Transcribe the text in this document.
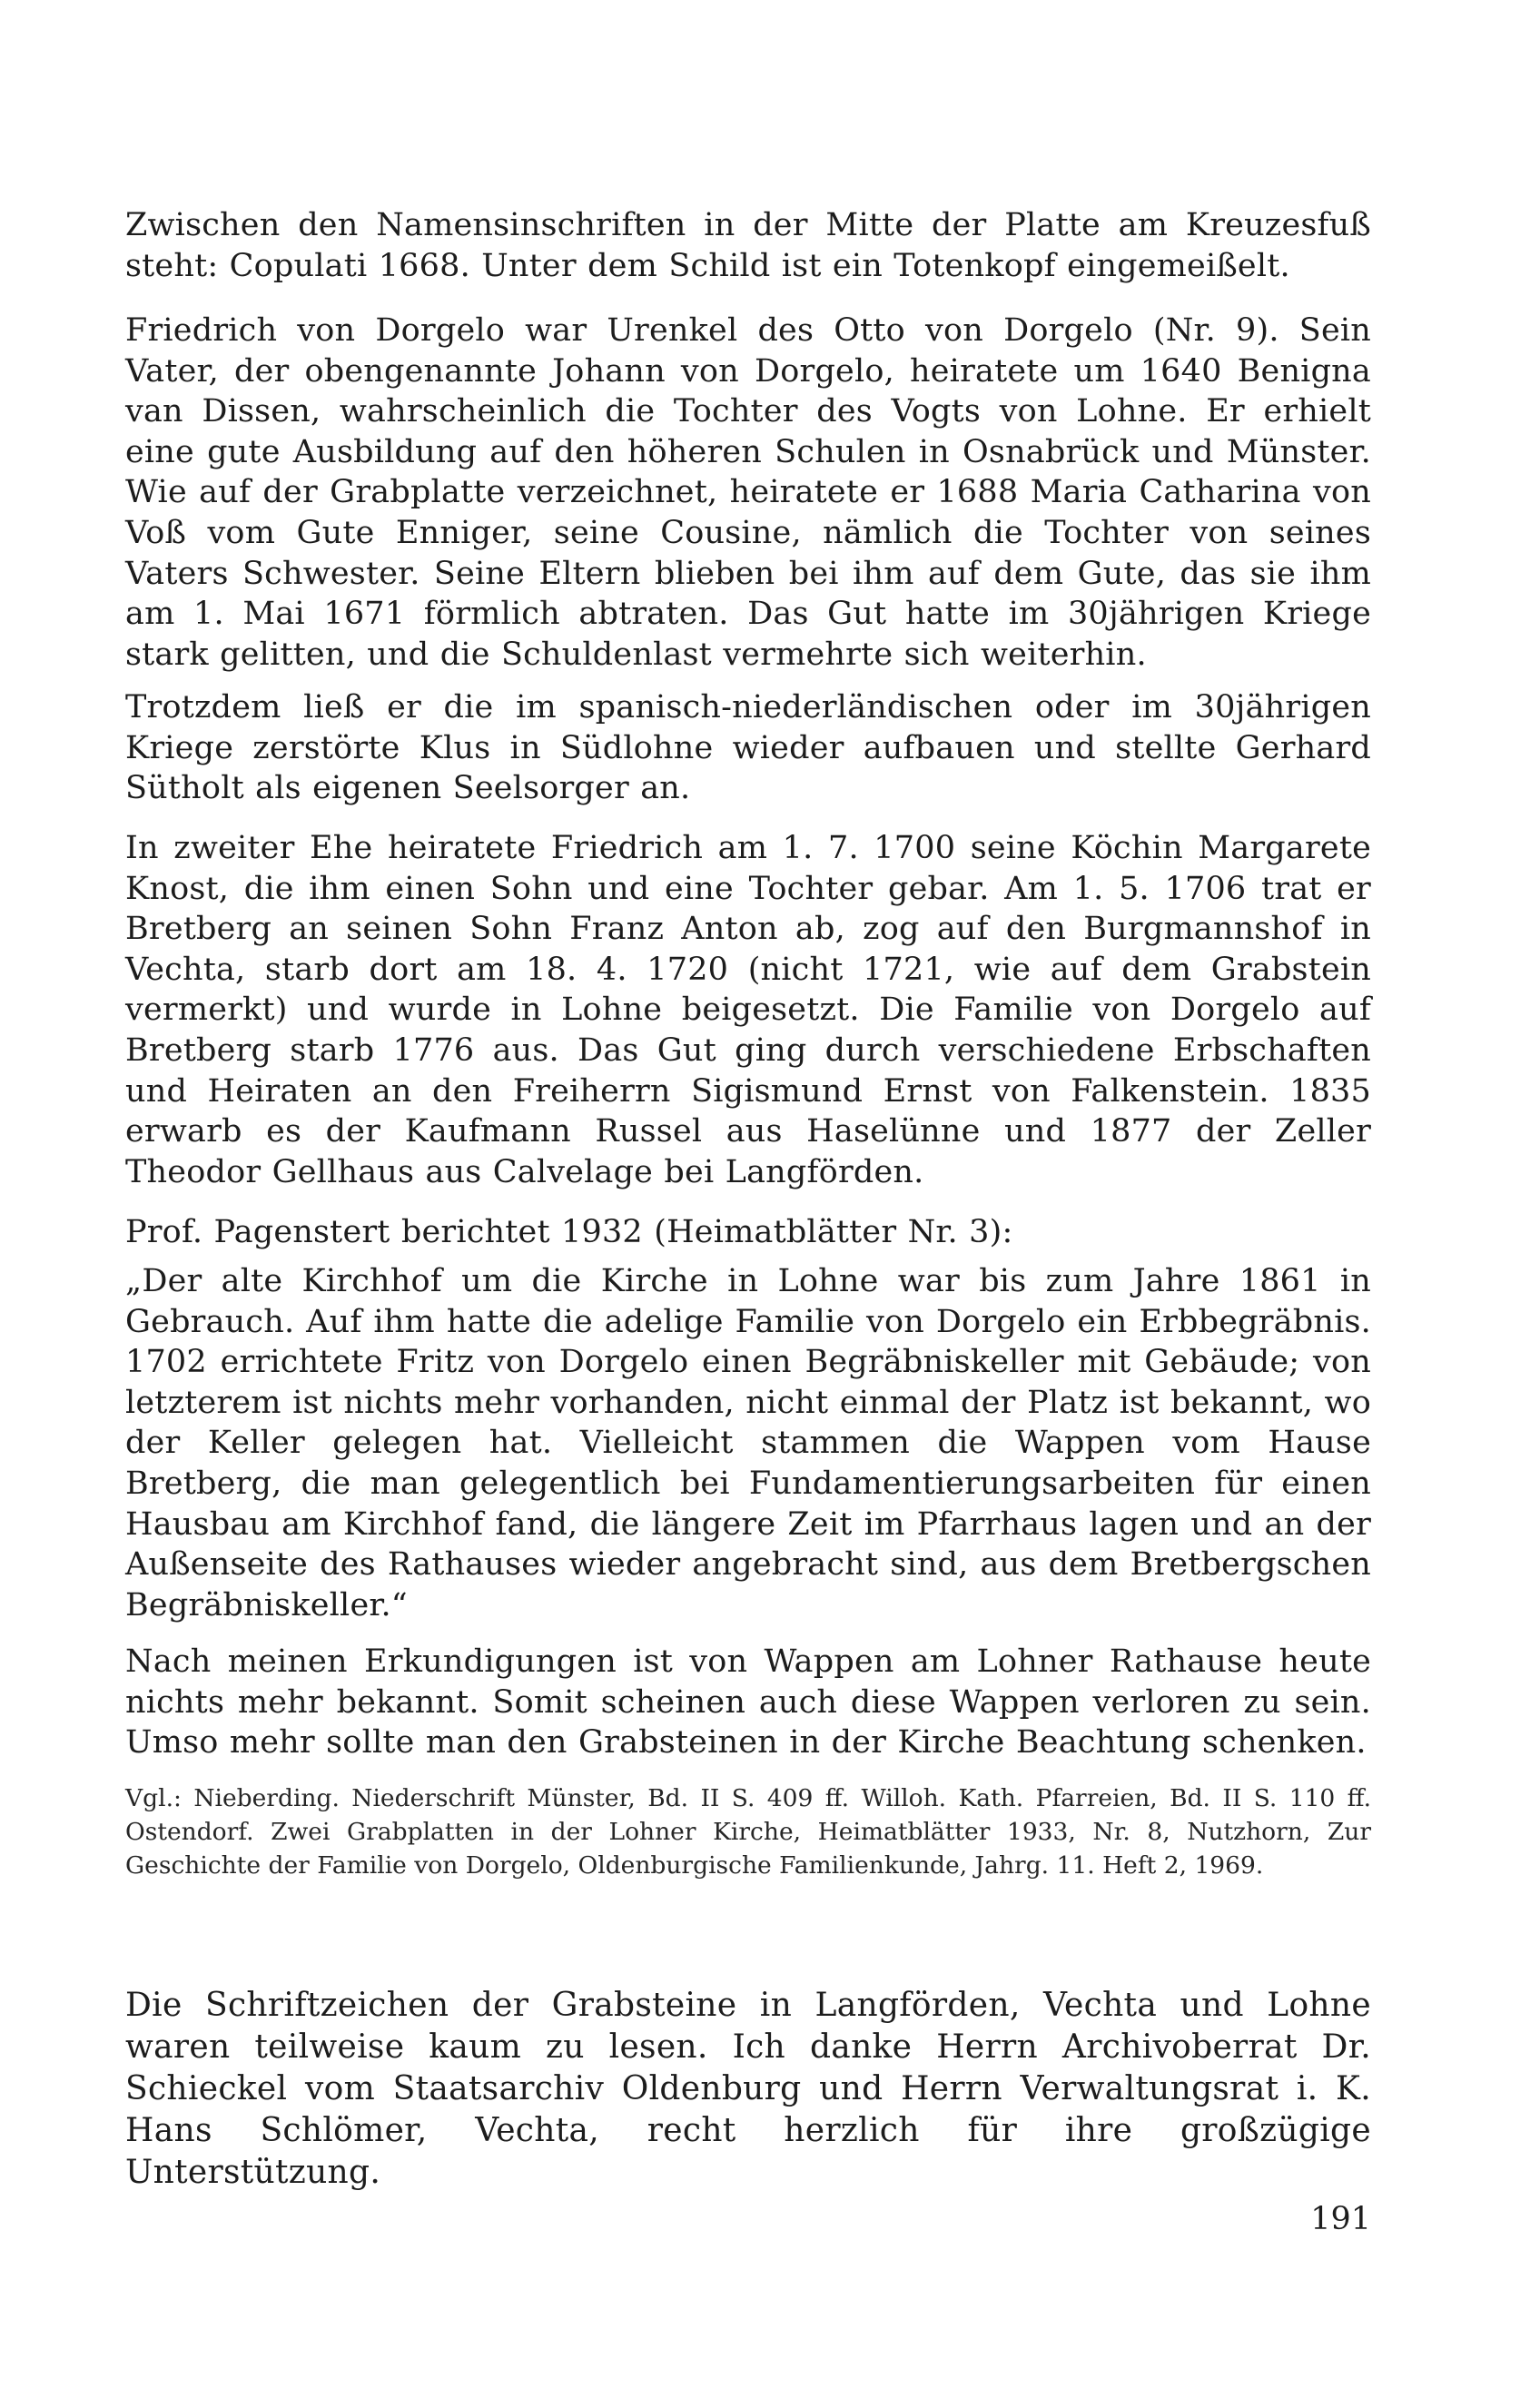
Zwischen den Namensinschriften in der Mitte der Platte am Kreuzesfuß steht: Copulati 1668. Unter dem Schild ist ein Totenkopf eingemeißelt.

Friedrich von Dorgelo war Urenkel des Otto von Dorgelo (Nr. 9). Sein Vater, der obengenannte Johann von Dorgelo, heiratete um 1640 Benigna van Dissen, wahrscheinlich die Tochter des Vogts von Lohne. Er erhielt eine gute Ausbildung auf den höheren Schulen in Osnabrück und Münster. Wie auf der Grabplatte verzeichnet, heiratete er 1688 Maria Catharina von Voß vom Gute Enniger, seine Cousine, nämlich die Tochter von seines Vaters Schwester. Seine Eltern blieben bei ihm auf dem Gute, das sie ihm am 1. Mai 1671 förmlich abtraten. Das Gut hatte im 30jährigen Kriege stark gelitten, und die Schuldenlast vermehrte sich weiterhin.

Trotzdem ließ er die im spanisch-niederländischen oder im 30jährigen Kriege zerstörte Klus in Südlohne wieder aufbauen und stellte Gerhard Sütholt als eigenen Seelsorger an.

In zweiter Ehe heiratete Friedrich am 1. 7. 1700 seine Köchin Margarete Knost, die ihm einen Sohn und eine Tochter gebar. Am 1. 5. 1706 trat er Bretberg an seinen Sohn Franz Anton ab, zog auf den Burgmannshof in Vechta, starb dort am 18. 4. 1720 (nicht 1721, wie auf dem Grabstein vermerkt) und wurde in Lohne beigesetzt. Die Familie von Dorgelo auf Bretberg starb 1776 aus. Das Gut ging durch verschiedene Erbschaften und Heiraten an den Freiherrn Sigismund Ernst von Falkenstein. 1835 erwarb es der Kaufmann Russel aus Haselünne und 1877 der Zeller Theodor Gellhaus aus Calvelage bei Langförden.

Prof. Pagenstert berichtet 1932 (Heimatblätter Nr. 3):

„Der alte Kirchhof um die Kirche in Lohne war bis zum Jahre 1861 in Gebrauch. Auf ihm hatte die adelige Familie von Dorgelo ein Erbbegräbnis. 1702 errichtete Fritz von Dorgelo einen Begräbniskeller mit Gebäude; von letzterem ist nichts mehr vorhanden, nicht einmal der Platz ist bekannt, wo der Keller gelegen hat. Vielleicht stammen die Wappen vom Hause Bretberg, die man gelegentlich bei Fundamentierungsarbeiten für einen Hausbau am Kirchhof fand, die längere Zeit im Pfarrhaus lagen und an der Außenseite des Rathauses wieder angebracht sind, aus dem Bretbergschen Begräbniskeller.“

Nach meinen Erkundigungen ist von Wappen am Lohner Rathause heute nichts mehr bekannt. Somit scheinen auch diese Wappen verloren zu sein. Umso mehr sollte man den Grabsteinen in der Kirche Beachtung schenken.

Vgl.: Nieberding. Niederschrift Münster, Bd. II S. 409 ff. Willoh. Kath. Pfarreien, Bd. II S. 110 ff. Ostendorf. Zwei Grabplatten in der Lohner Kirche, Heimatblätter 1933, Nr. 8, Nutzhorn, Zur Geschichte der Familie von Dorgelo, Oldenburgische Familienkunde, Jahrg. 11. Heft 2, 1969.

Die Schriftzeichen der Grabsteine in Langförden, Vechta und Lohne waren teilweise kaum zu lesen. Ich danke Herrn Archivoberrat Dr. Schieckel vom Staatsarchiv Oldenburg und Herrn Verwaltungsrat i. K. Hans Schlömer, Vechta, recht herzlich für ihre großzügige Unterstützung.

191
